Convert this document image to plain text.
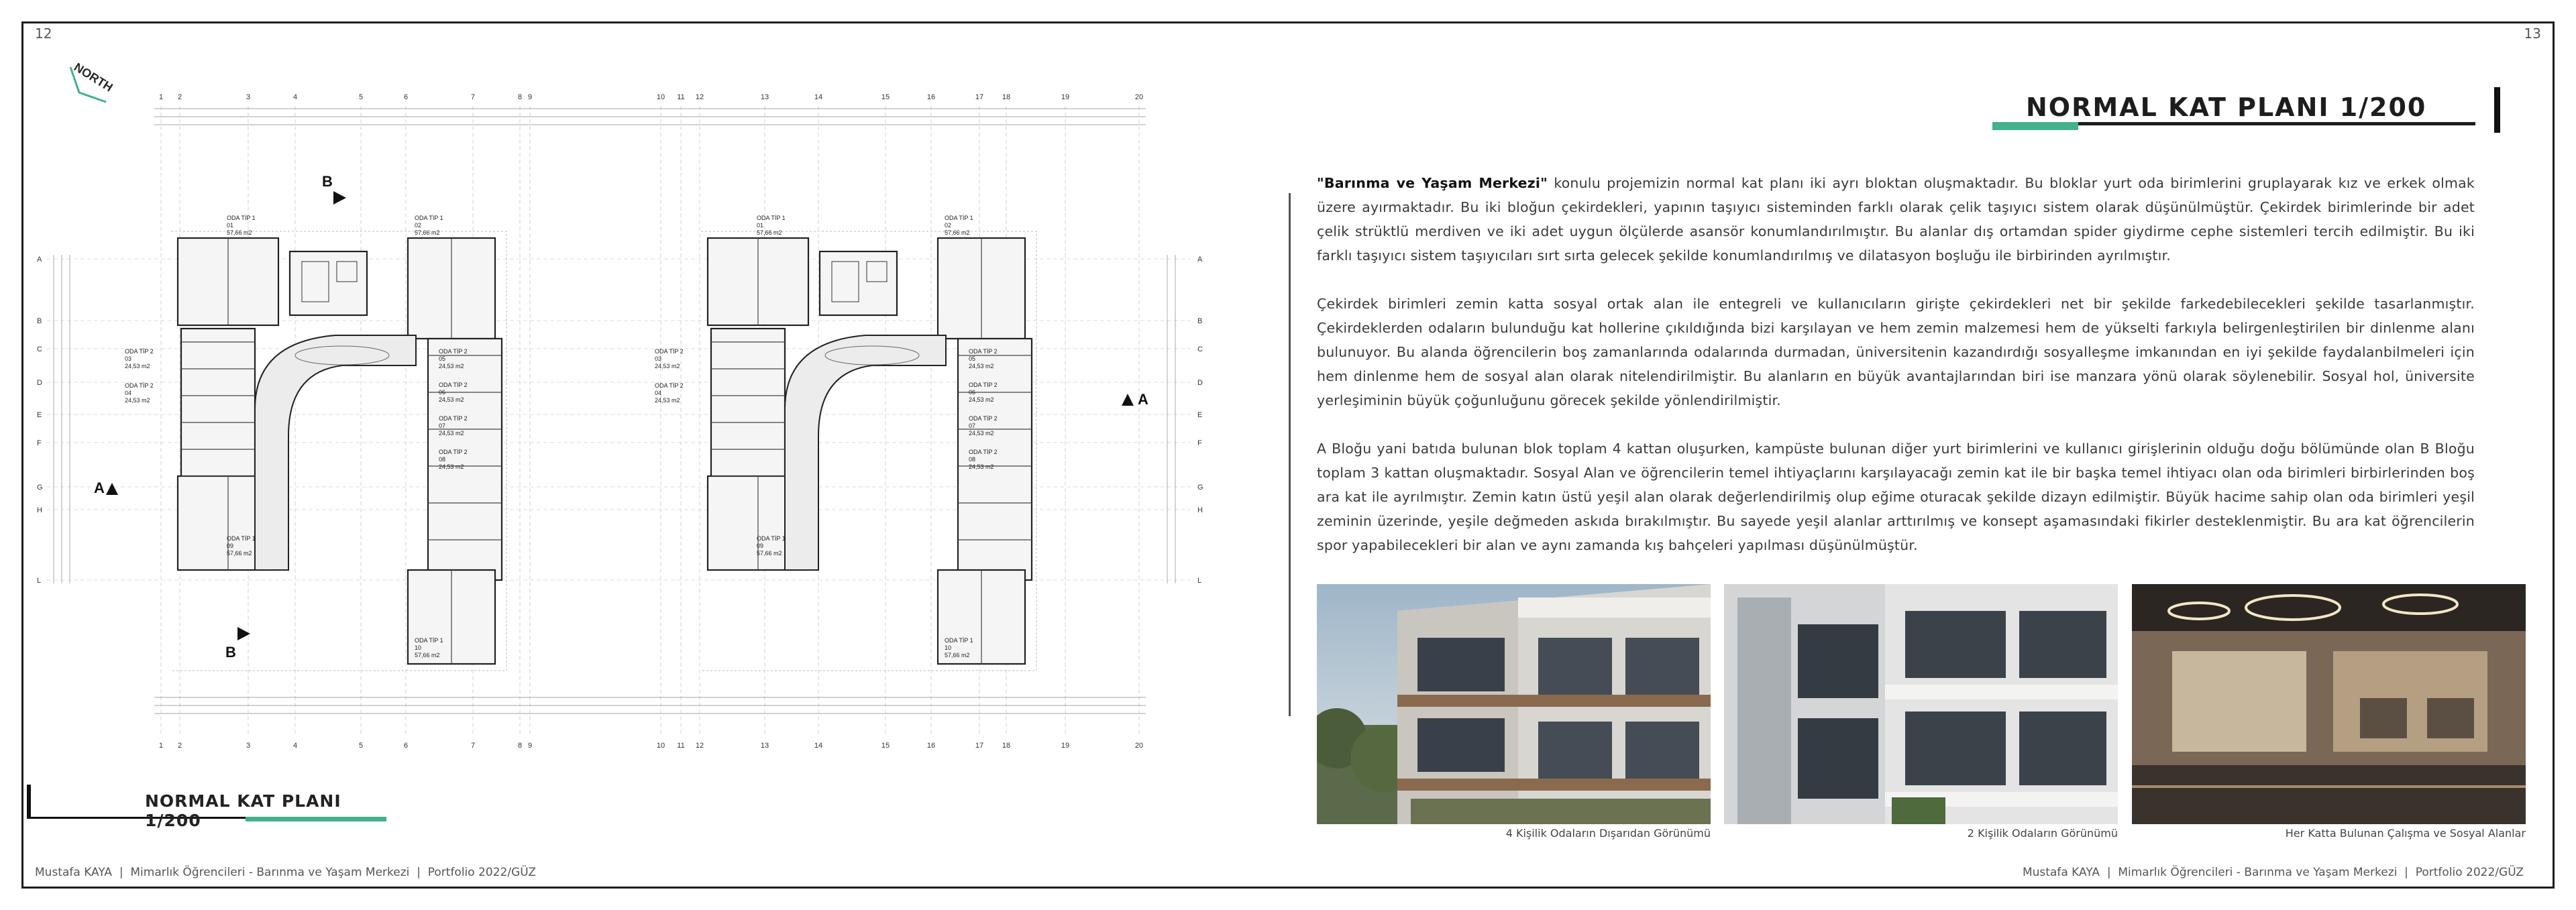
12	13
NORTH
1 2	3	4	5	6	7	8 9	10 11 12	13	14	15	16	17	18	19	20
1 2	3	4	5	6	7	8 9	10 11 12	13	14	15	16	17	18	19	20
A
B
C
D
E
F
G
H
L
A
B
C
D
E
F
G
H
L
ODA TİP 1 01 57,66 m2
ODA TİP 1 02 57,66 m2
ODA TİP 2 03 24,53 m2
ODA TİP 2 04 24,53 m2
ODA TİP 2 05 24,53 m2
ODA TİP 2 06 24,53 m2
ODA TİP 2 07 24,53 m2
ODA TİP 2 08 24,53 m2
ODA TİP 1 09 57,66 m2
ODA TİP 1 10 57,66 m2
ODA TİP 1 01 57,66 m2
ODA TİP 1 02 57,66 m2
ODA TİP 2 03 24,53 m2
ODA TİP 2 04 24,53 m2
ODA TİP 2 05 24,53 m2
ODA TİP 2 06 24,53 m2
ODA TİP 2 07 24,53 m2
ODA TİP 2 08 24,53 m2
ODA TİP 1 09 57,66 m2
ODA TİP 1 10 57,66 m2
B
B
A
A
NORMAL KAT PLANI 1/200
NORMAL KAT PLANI 1/200

"Barınma ve Yaşam Merkezi" konulu projemizin normal kat planı iki ayrı bloktan oluşmaktadır. Bu bloklar yurt oda birimlerini gruplayarak kız ve erkek olmak üzere ayırmaktadır. Bu iki bloğun çekirdekleri, yapının taşıyıcı sisteminden farklı olarak çelik taşıyıcı sistem olarak düşünülmüştür. Çekirdek birimlerinde bir adet çelik strüktlü merdiven ve iki adet uygun ölçülerde asansör konumlandırılmıştır. Bu alanlar dış ortamdan spider giydirme cephe sistemleri tercih edilmiştir. Bu iki farklı taşıyıcı sistem taşıyıcıları sırt sırta gelecek şekilde konumlandırılmış ve dilatasyon boşluğu ile birbirinden ayrılmıştır.

Çekirdek birimleri zemin katta sosyal ortak alan ile entegreli ve kullanıcıların girişte çekirdekleri net bir şekilde farkedebilecekleri şekilde tasarlanmıştır. Çekirdeklerden odaların bulunduğu kat hollerine çıkıldığında bizi karşılayan ve hem zemin malzemesi hem de yükselti farkıyla belirgenleştirilen bir dinlenme alanı bulunuyor. Bu alanda öğrencilerin boş zamanlarında odalarında durmadan, üniversitenin kazandırdığı sosyalleşme imkanından en iyi şekilde faydalanbilmeleri için hem dinlenme hem de sosyal alan olarak nitelendirilmiştir. Bu alanların en büyük avantajlarından biri ise manzara yönü olarak söylenebilir. Sosyal hol, üniversite yerleşiminin büyük çoğunluğunu görecek şekilde yönlendirilmiştir.

A Bloğu yani batıda bulunan blok toplam 4 kattan oluşurken, kampüste bulunan diğer yurt birimlerini ve kullanıcı girişlerinin olduğu doğu bölümünde olan B Bloğu toplam 3 kattan oluşmaktadır. Sosyal Alan ve öğrencilerin temel ihtiyaçlarını karşılayacağı zemin kat ile bir başka temel ihtiyacı olan oda birimleri birbirlerinden boş ara kat ile ayrılmıştır. Zemin katın üstü yeşil alan olarak değerlendirilmiş olup eğime oturacak şekilde dizayn edilmiştir. Büyük hacime sahip olan oda birimleri yeşil zeminin üzerinde, yeşile değmeden askıda bırakılmıştır. Bu sayede yeşil alanlar arttırılmış ve konsept aşamasındaki fikirler desteklenmiştir. Bu ara kat öğrencilerin spor yapabilecekleri bir alan ve aynı zamanda kış bahçeleri yapılması düşünülmüştür.

4 Kişilik Odaların Dışarıdan Görünümü	2 Kişilik Odaların Görünümü	Her Katta Bulunan Çalışma ve Sosyal Alanlar
Mustafa KAYA  |  Mimarlık Öğrencileri - Barınma ve Yaşam Merkezi  |  Portfolio 2022/GÜZ	Mustafa KAYA  |  Mimarlık Öğrencileri - Barınma ve Yaşam Merkezi  |  Portfolio 2022/GÜZ
